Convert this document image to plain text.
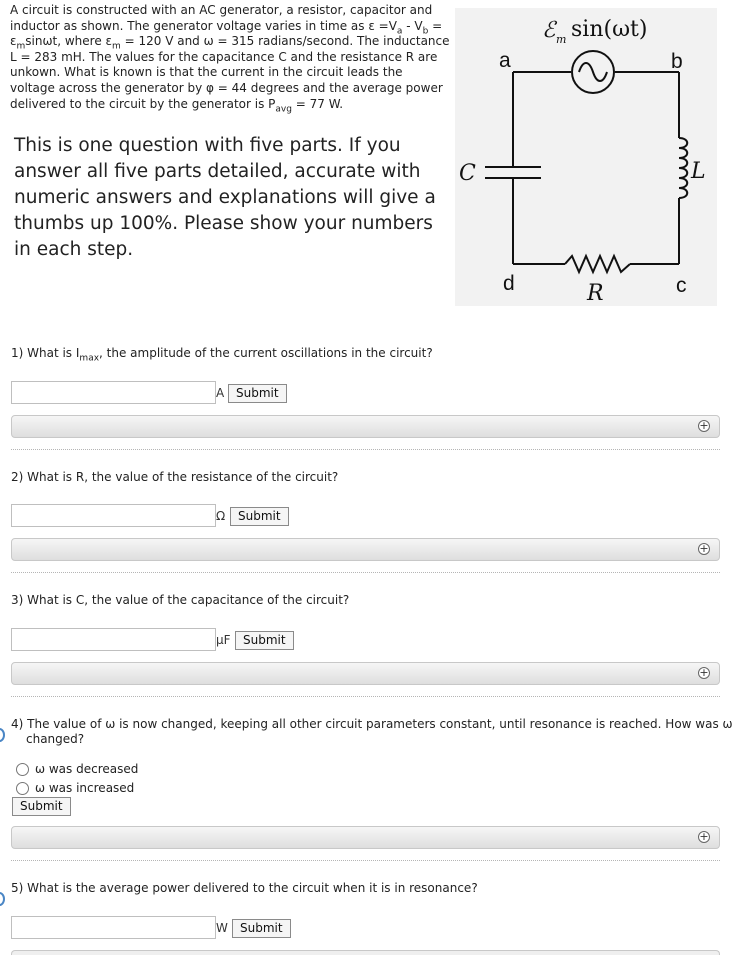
A circuit is constructed with an AC generator, a resistor, capacitor and inductor as shown. The generator voltage varies in time as $\varepsilon =V_a - V_b = \varepsilon_m\sin\omega t$, where $\varepsilon_m = 120$ V and ω = 315 radians/second. The inductance L = 283 mH. The values for the capacitance C and the resistance R are unkown. What is known is that the current in the circuit leads the voltage across the generator by φ = 44 degrees and the average power delivered to the circuit by the generator is $P_{avg} = 77$ W.
This is one question with five parts. If you answer all five parts detailed, accurate with numeric answers and explanations will give a thumbs up 100%. Please show your numbers in each step.
ℰ m sin(ωt)
a	b
c
d
C	L
R
1) What is $I_{max}$, the amplitude of the current oscillations in the circuit?
A Submit
+
2) What is R, the value of the resistance of the circuit?
Ω	Submit
+
3) What is C, the value of the capacitance of the circuit?
μF	Submit
+
4) The value of ω is now changed, keeping all other circuit parameters constant, until resonance is reached. How was ω
changed?
ω was decreased
ω was increased
Submit
+
5) What is the average power delivered to the circuit when it is in resonance?
W	Submit
